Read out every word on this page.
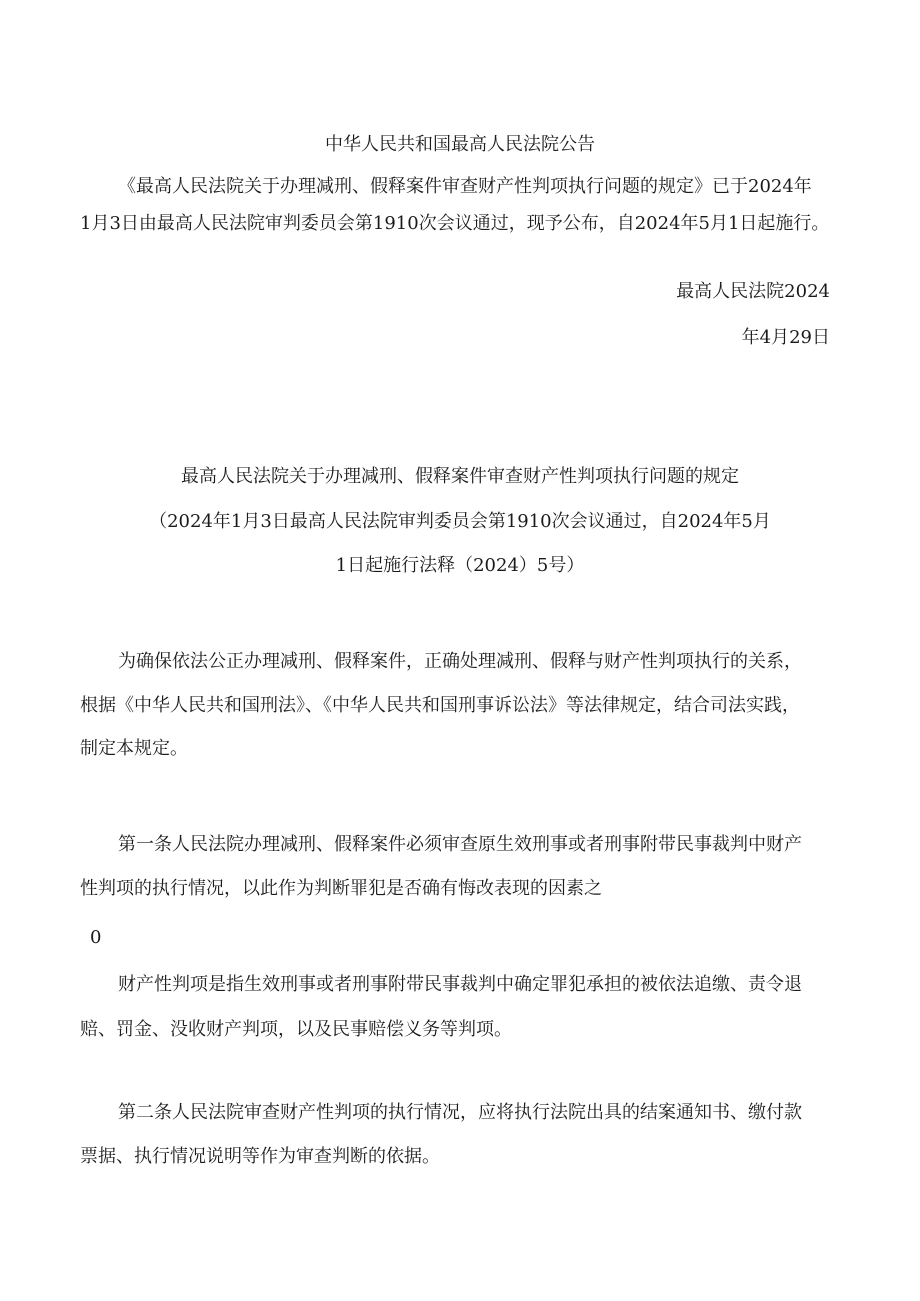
中华人民共和国最高人民法院公告
《最高人民法院关于办理减刑、假释案件审查财产性判项执行问题的规定》已于2024年
1月3日由最高人民法院审判委员会第1910次会议通过，现予公布，自2024年5月1日起施行。
最高人民法院2024
年4月29日
最高人民法院关于办理减刑、假释案件审查财产性判项执行问题的规定
（2024年1月3日最高人民法院审判委员会第1910次会议通过，自2024年5月
1日起施行法释（2024）5号）
为确保依法公正办理减刑、假释案件，正确处理减刑、假释与财产性判项执行的关系，
根据《中华人民共和国刑法》、《中华人民共和国刑事诉讼法》等法律规定，结合司法实践，
制定本规定。
第一条人民法院办理减刑、假释案件必须审查原生效刑事或者刑事附带民事裁判中财产
性判项的执行情况，以此作为判断罪犯是否确有悔改表现的因素之
0
财产性判项是指生效刑事或者刑事附带民事裁判中确定罪犯承担的被依法追缴、责令退
赔、罚金、没收财产判项，以及民事赔偿义务等判项。
第二条人民法院审查财产性判项的执行情况，应将执行法院出具的结案通知书、缴付款
票据、执行情况说明等作为审查判断的依据。
